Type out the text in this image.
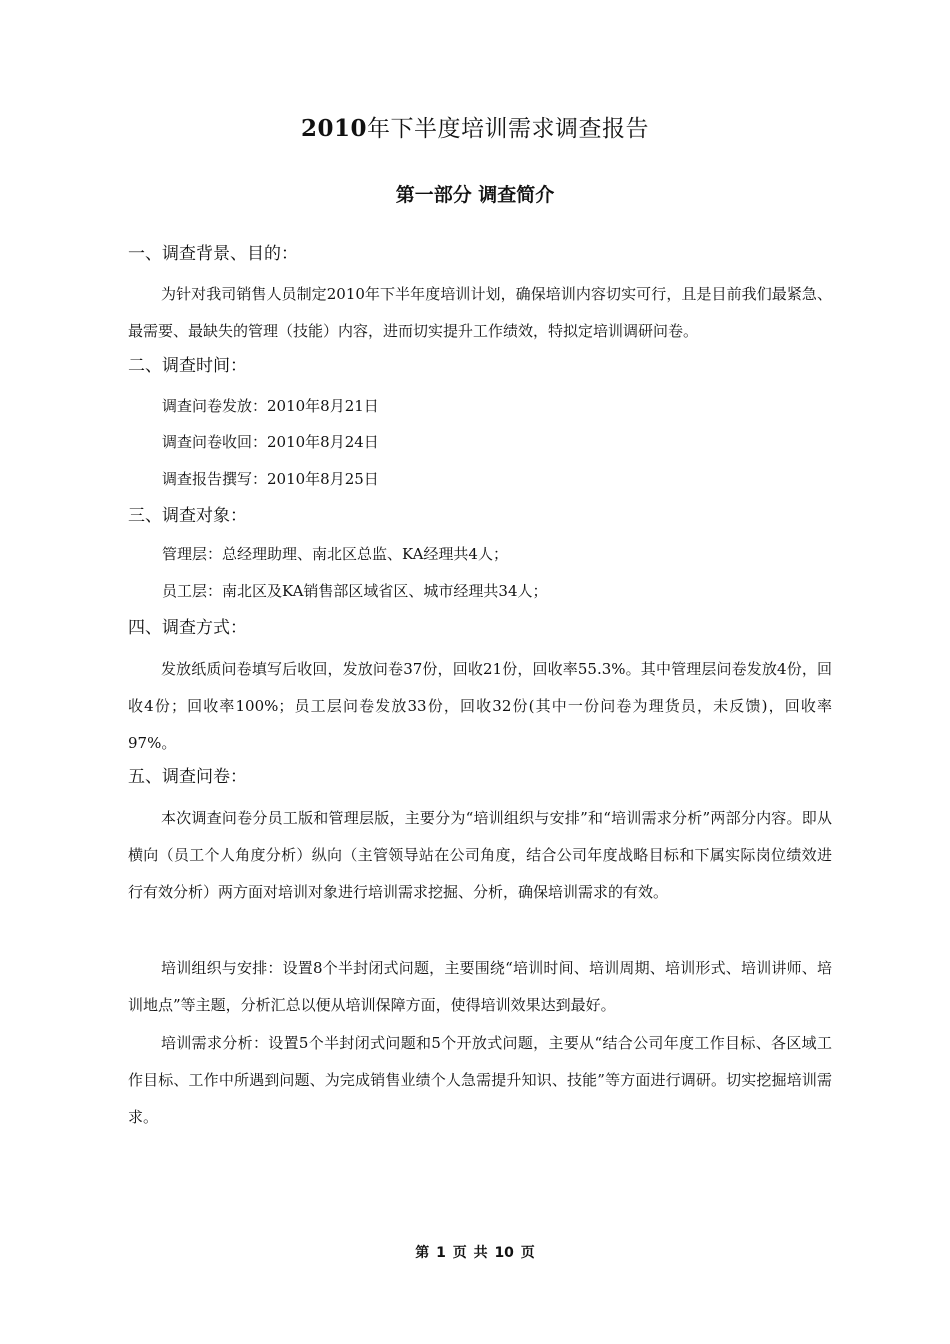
2010年下半度培训需求调查报告
第一部分 调查简介
一、调查背景、目的：

为针对我司销售人员制定2010年下半年度培训计划，确保培训内容切实可行，且是目前我们最紧急、最需要、最缺失的管理（技能）内容，进而切实提升工作绩效，特拟定培训调研问卷。

二、调查时间：
调查问卷发放：2010年8月21日
调查问卷收回：2010年8月24日
调查报告撰写：2010年8月25日
三、调查对象：
管理层：总经理助理、南北区总监、KA经理共4人；
员工层：南北区及KA销售部区域省区、城市经理共34人；
四、调查方式：

发放纸质问卷填写后收回，发放问卷37份，回收21份，回收率55.3%。其中管理层问卷发放4份，回收4份；回收率100%；员工层问卷发放33份，回收32份(其中一份问卷为理货员，未反馈)，回收率97%。

五、调查问卷：

本次调查问卷分员工版和管理层版，主要分为“培训组织与安排”和“培训需求分析”两部分内容。即从横向（员工个人角度分析）纵向（主管领导站在公司角度，结合公司年度战略目标和下属实际岗位绩效进行有效分析）两方面对培训对象进行培训需求挖掘、分析，确保培训需求的有效。

培训组织与安排：设置8个半封闭式问题，主要围绕“培训时间、培训周期、培训形式、培训讲师、培训地点”等主题，分析汇总以便从培训保障方面，使得培训效果达到最好。

培训需求分析：设置5个半封闭式问题和5个开放式问题，主要从“结合公司年度工作目标、各区域工作目标、工作中所遇到问题、为完成销售业绩个人急需提升知识、技能”等方面进行调研。切实挖掘培训需求。

第 1 页 共 10 页
